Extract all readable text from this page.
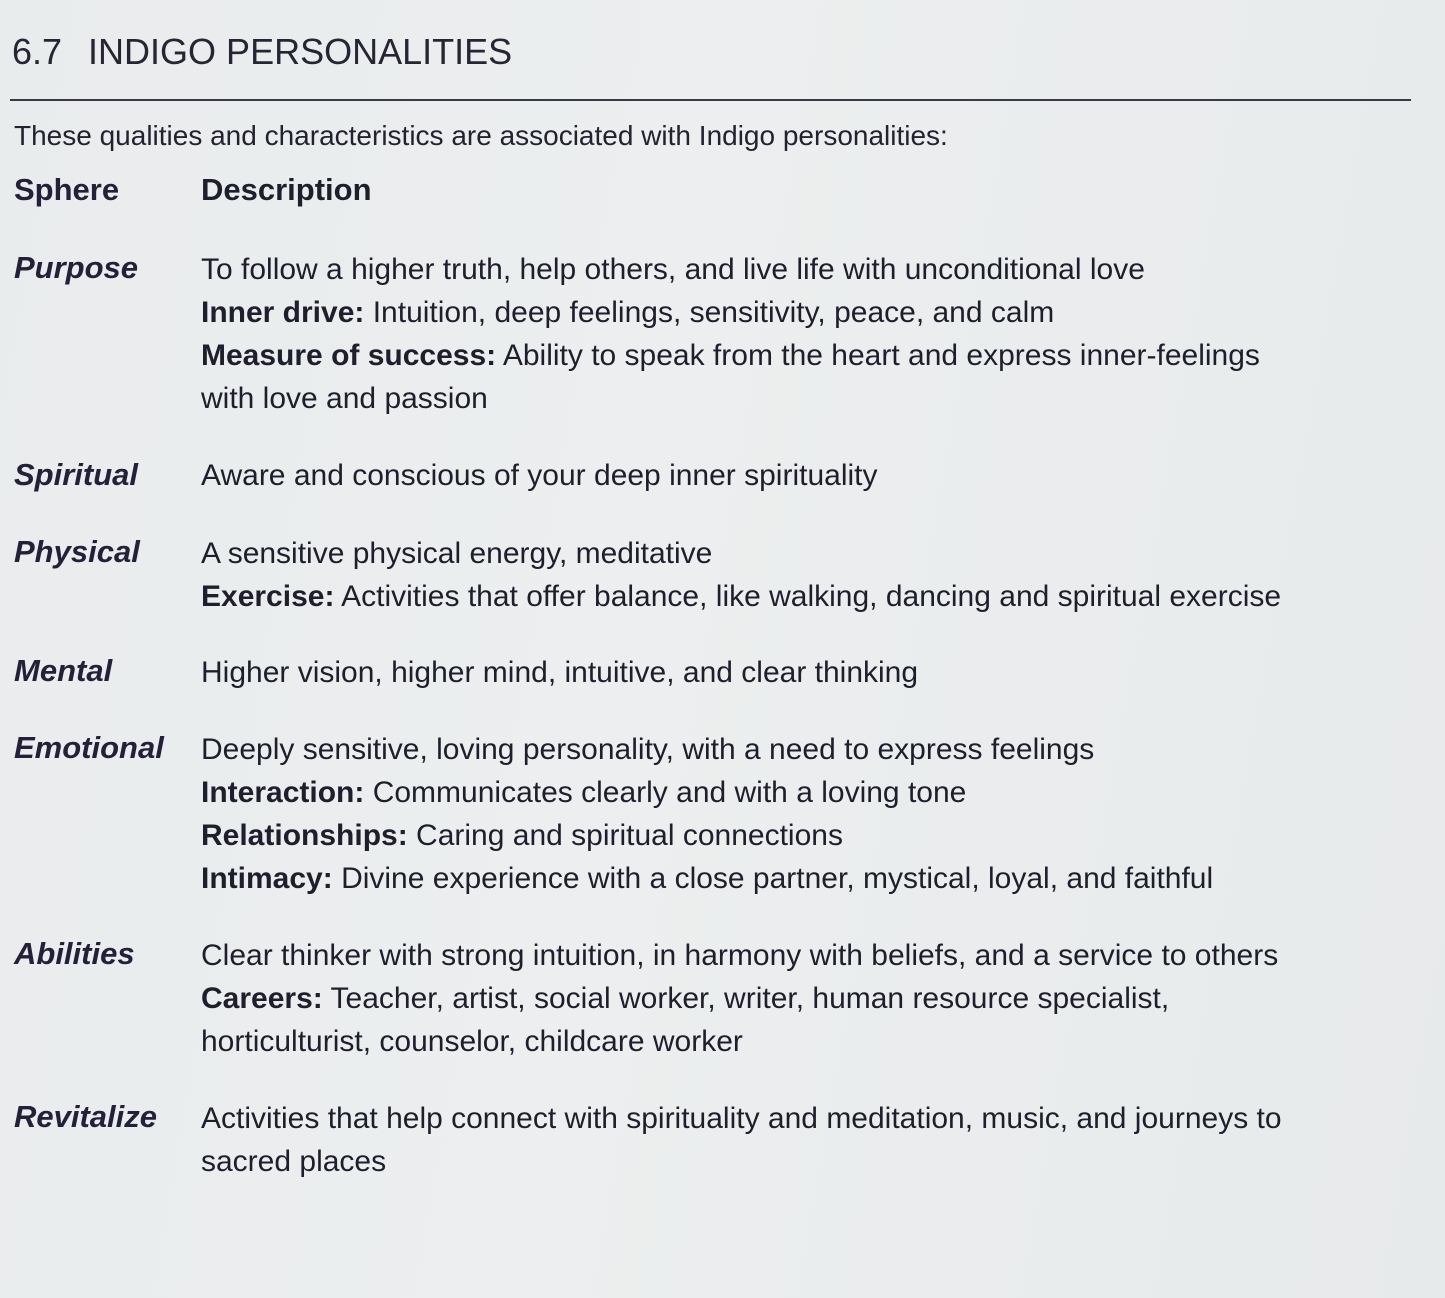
6.7 INDIGO PERSONALITIES

These qualities and characteristics are associated with Indigo personalities:

Sphere	Description
Purpose To follow a higher truth, help others, and live life with unconditional love
Inner drive: Intuition, deep feelings, sensitivity, peace, and calm
Measure of success: Ability to speak from the heart and express inner-feelings
with love and passion
Spiritual Aware and conscious of your deep inner spirituality
Physical A sensitive physical energy, meditative
Exercise: Activities that offer balance, like walking, dancing and spiritual exercise
Mental	Higher vision, higher mind, intuitive, and clear thinking
Emotional Deeply sensitive, loving personality, with a need to express feelings
Interaction: Communicates clearly and with a loving tone
Relationships: Caring and spiritual connections
Intimacy: Divine experience with a close partner, mystical, loyal, and faithful
Abilities Clear thinker with strong intuition, in harmony with beliefs, and a service to others
Careers: Teacher, artist, social worker, writer, human resource specialist,
horticulturist, counselor, childcare worker
Revitalize Activities that help connect with spirituality and meditation, music, and journeys to
sacred places
